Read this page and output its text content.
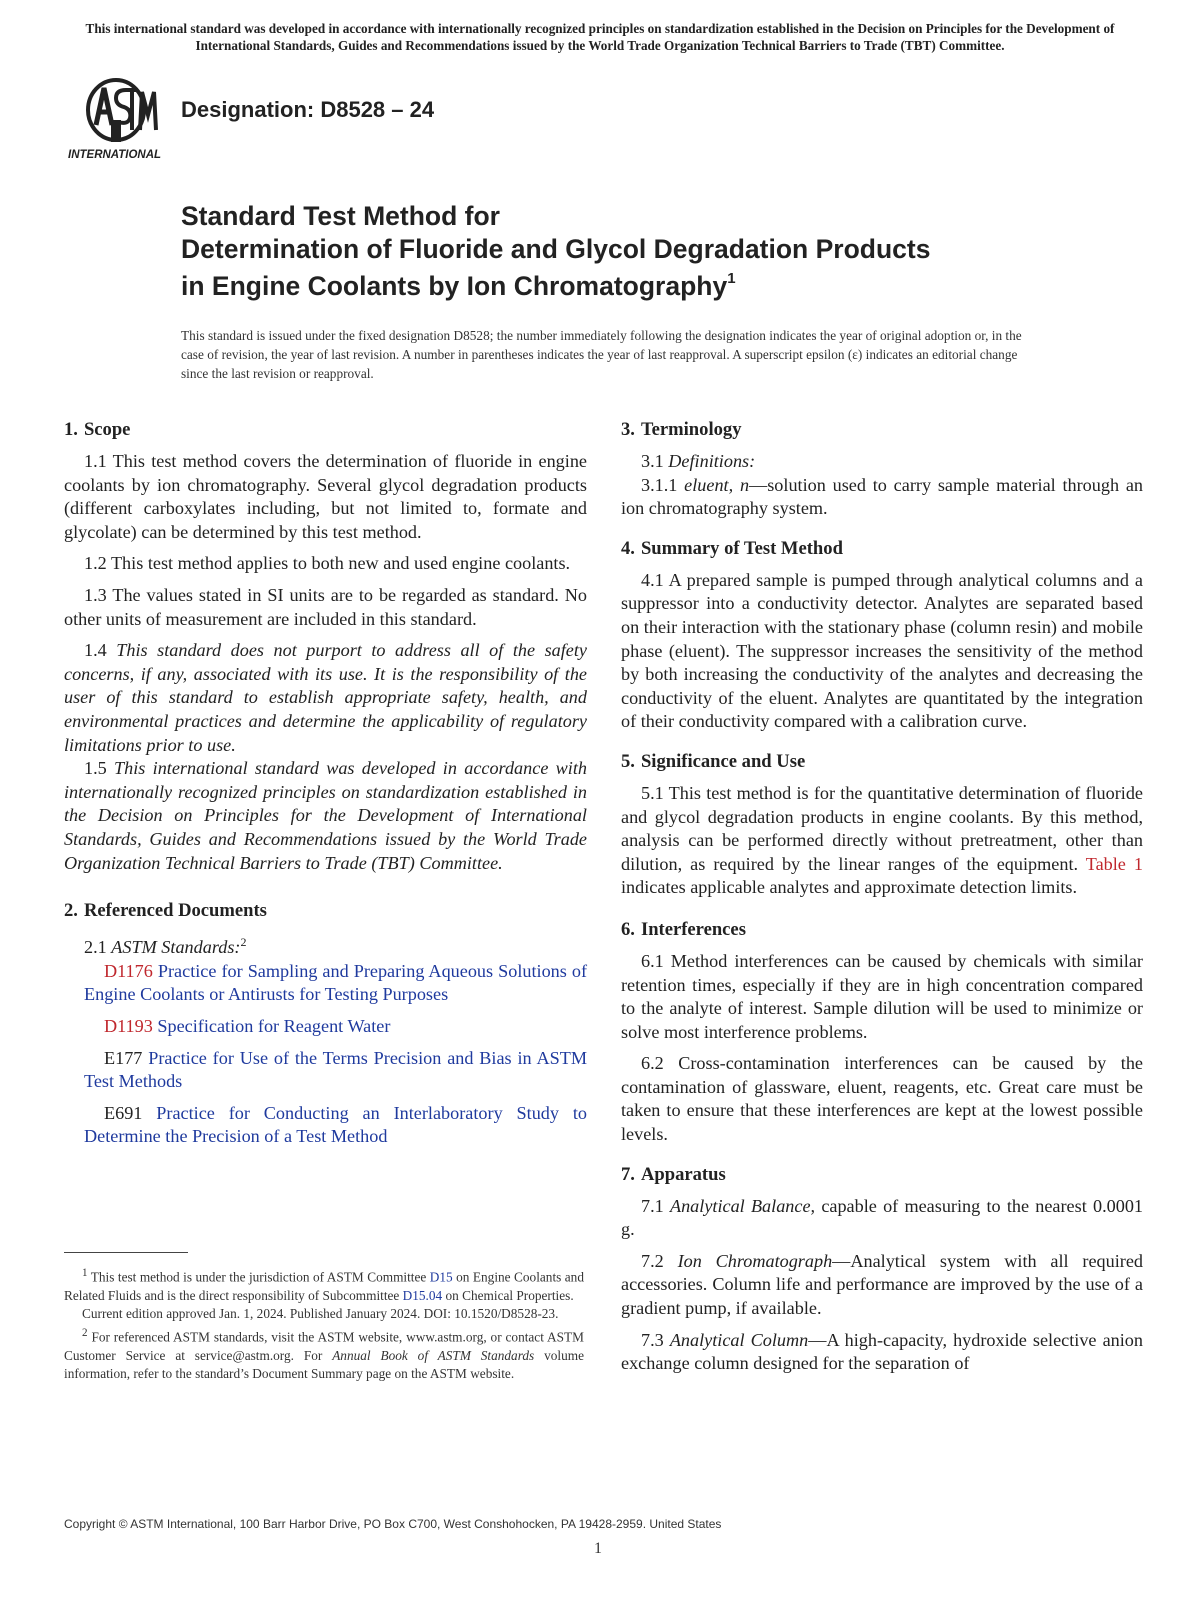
This international standard was developed in accordance with internationally recognized principles on standardization established in the Decision on Principles for the Development of International Standards, Guides and Recommendations issued by the World Trade Organization Technical Barriers to Trade (TBT) Committee.
INTERNATIONAL
Designation: D8528 – 24
Standard Test Method for
Determination of Fluoride and Glycol Degradation Products
in Engine Coolants by Ion Chromatography$^1$
This standard is issued under the fixed designation D8528; the number immediately following the designation indicates the year of original adoption or, in the case of revision, the year of last revision. A number in parentheses indicates the year of last reapproval. A superscript epsilon (ε) indicates an editorial change since the last revision or reapproval.
1. Scope

1.1 This test method covers the determination of fluoride in engine coolants by ion chromatography. Several glycol degradation products (different carboxylates including, but not limited to, formate and glycolate) can be determined by this test method.

1.2 This test method applies to both new and used engine coolants.

1.3 The values stated in SI units are to be regarded as standard. No other units of measurement are included in this standard.

1.4 This standard does not purport to address all of the safety concerns, if any, associated with its use. It is the responsibility of the user of this standard to establish appropriate safety, health, and environmental practices and determine the applicability of regulatory limitations prior to use.

1.5 This international standard was developed in accordance with internationally recognized principles on standardization established in the Decision on Principles for the Development of International Standards, Guides and Recommendations issued by the World Trade Organization Technical Barriers to Trade (TBT) Committee.

2. Referenced Documents

2.1 ASTM Standards:$^2$

D1176 Practice for Sampling and Preparing Aqueous Solutions of Engine Coolants or Antirusts for Testing Purposes

D1193 Specification for Reagent Water

E177 Practice for Use of the Terms Precision and Bias in ASTM Test Methods

E691 Practice for Conducting an Interlaboratory Study to Determine the Precision of a Test Method

3. Terminology

3.1 Definitions:

3.1.1 eluent, n—solution used to carry sample material through an ion chromatography system.

4. Summary of Test Method

4.1 A prepared sample is pumped through analytical columns and a suppressor into a conductivity detector. Analytes are separated based on their interaction with the stationary phase (column resin) and mobile phase (eluent). The suppressor increases the sensitivity of the method by both increasing the conductivity of the analytes and decreasing the conductivity of the eluent. Analytes are quantitated by the integration of their conductivity compared with a calibration curve.

5. Significance and Use

5.1 This test method is for the quantitative determination of fluoride and glycol degradation products in engine coolants. By this method, analysis can be performed directly without pretreatment, other than dilution, as required by the linear ranges of the equipment. Table 1 indicates applicable analytes and approximate detection limits.

6. Interferences

6.1 Method interferences can be caused by chemicals with similar retention times, especially if they are in high concentration compared to the analyte of interest. Sample dilution will be used to minimize or solve most interference problems.

6.2 Cross-contamination interferences can be caused by the contamination of glassware, eluent, reagents, etc. Great care must be taken to ensure that these interferences are kept at the lowest possible levels.

7. Apparatus

7.1 Analytical Balance, capable of measuring to the nearest 0.0001 g.

7.2 Ion Chromatograph—Analytical system with all required accessories. Column life and performance are improved by the use of a gradient pump, if available.

7.3 Analytical Column—A high-capacity, hydroxide selective anion exchange column designed for the separation of

$^1$ This test method is under the jurisdiction of ASTM Committee D15 on Engine Coolants and Related Fluids and is the direct responsibility of Subcommittee D15.04 on Chemical Properties.

Current edition approved Jan. 1, 2024. Published January 2024. DOI: 10.1520/D8528-23.

$^2$ For referenced ASTM standards, visit the ASTM website, www.astm.org, or contact ASTM Customer Service at service@astm.org. For Annual Book of ASTM Standards volume information, refer to the standard’s Document Summary page on the ASTM website.

Copyright © ASTM International, 100 Barr Harbor Drive, PO Box C700, West Conshohocken, PA 19428-2959. United States
1
